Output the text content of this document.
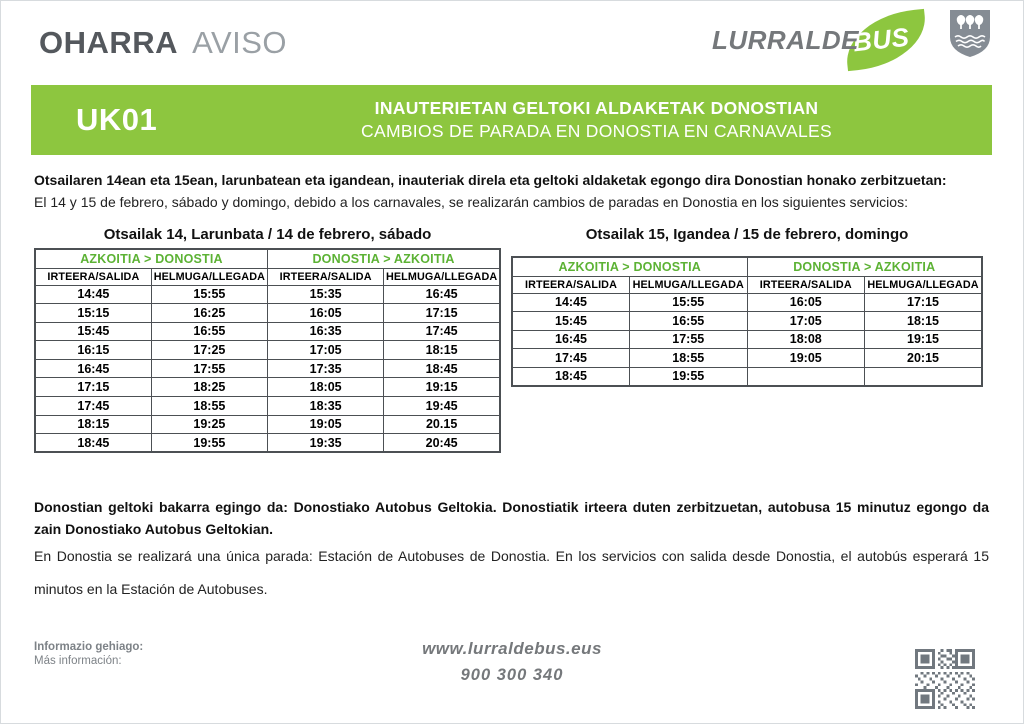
OHARRA AVISO	LURRALDE
BUS
UK01	INAUTERIETAN GELTOKI ALDAKETAK DONOSTIAN
CAMBIOS DE PARADA EN DONOSTIA EN CARNAVALES

Otsailaren 14ean eta 15ean, larunbatean eta igandean, inauteriak direla eta geltoki aldaketak egongo dira Donostian honako zerbitzuetan:

El 14 y 15 de febrero, sábado y domingo, debido a los carnavales, se realizarán cambios de paradas en Donostia en los siguientes servicios:

Otsailak 14, Larunbata / 14 de febrero, sábado
AZKOITIA > DONOSTIA		DONOSTIA > AZKOITIA	
IRTEERA/SALIDA	HELMUGA/LLEGADA	IRTEERA/SALIDA	HELMUGA/LLEGADA
14:45	15:55	15:35	16:45
15:15	16:25	16:05	17:15
15:45	16:55	16:35	17:45
16:15	17:25	17:05	18:15
16:45	17:55	17:35	18:45
17:15	18:25	18:05	19:15
17:45	18:55	18:35	19:45
18:15	19:25	19:05	20.15
18:45	19:55	19:35	20:45
Otsailak 15, Igandea / 15 de febrero, domingo
AZKOITIA > DONOSTIA		DONOSTIA > AZKOITIA	
IRTEERA/SALIDA	HELMUGA/LLEGADA	IRTEERA/SALIDA	HELMUGA/LLEGADA
14:45	15:55	16:05	17:15
15:45	16:55	17:05	18:15
16:45	17:55	18:08	19:15
17:45	18:55	19:05	20:15
18:45	19:55		

Donostian geltoki bakarra egingo da: Donostiako Autobus Geltokia. Donostiatik irteera duten zerbitzuetan, autobusa 15 minutuz egongo da zain Donostiako Autobus Geltokian.

En Donostia se realizará una única parada: Estación de Autobuses de Donostia. En los servicios con salida desde Donostia, el autobús esperará 15 minutos en la Estación de Autobuses.

Informazio gehiago:
Más información:
www.lurraldebus.eus
900 300 340
